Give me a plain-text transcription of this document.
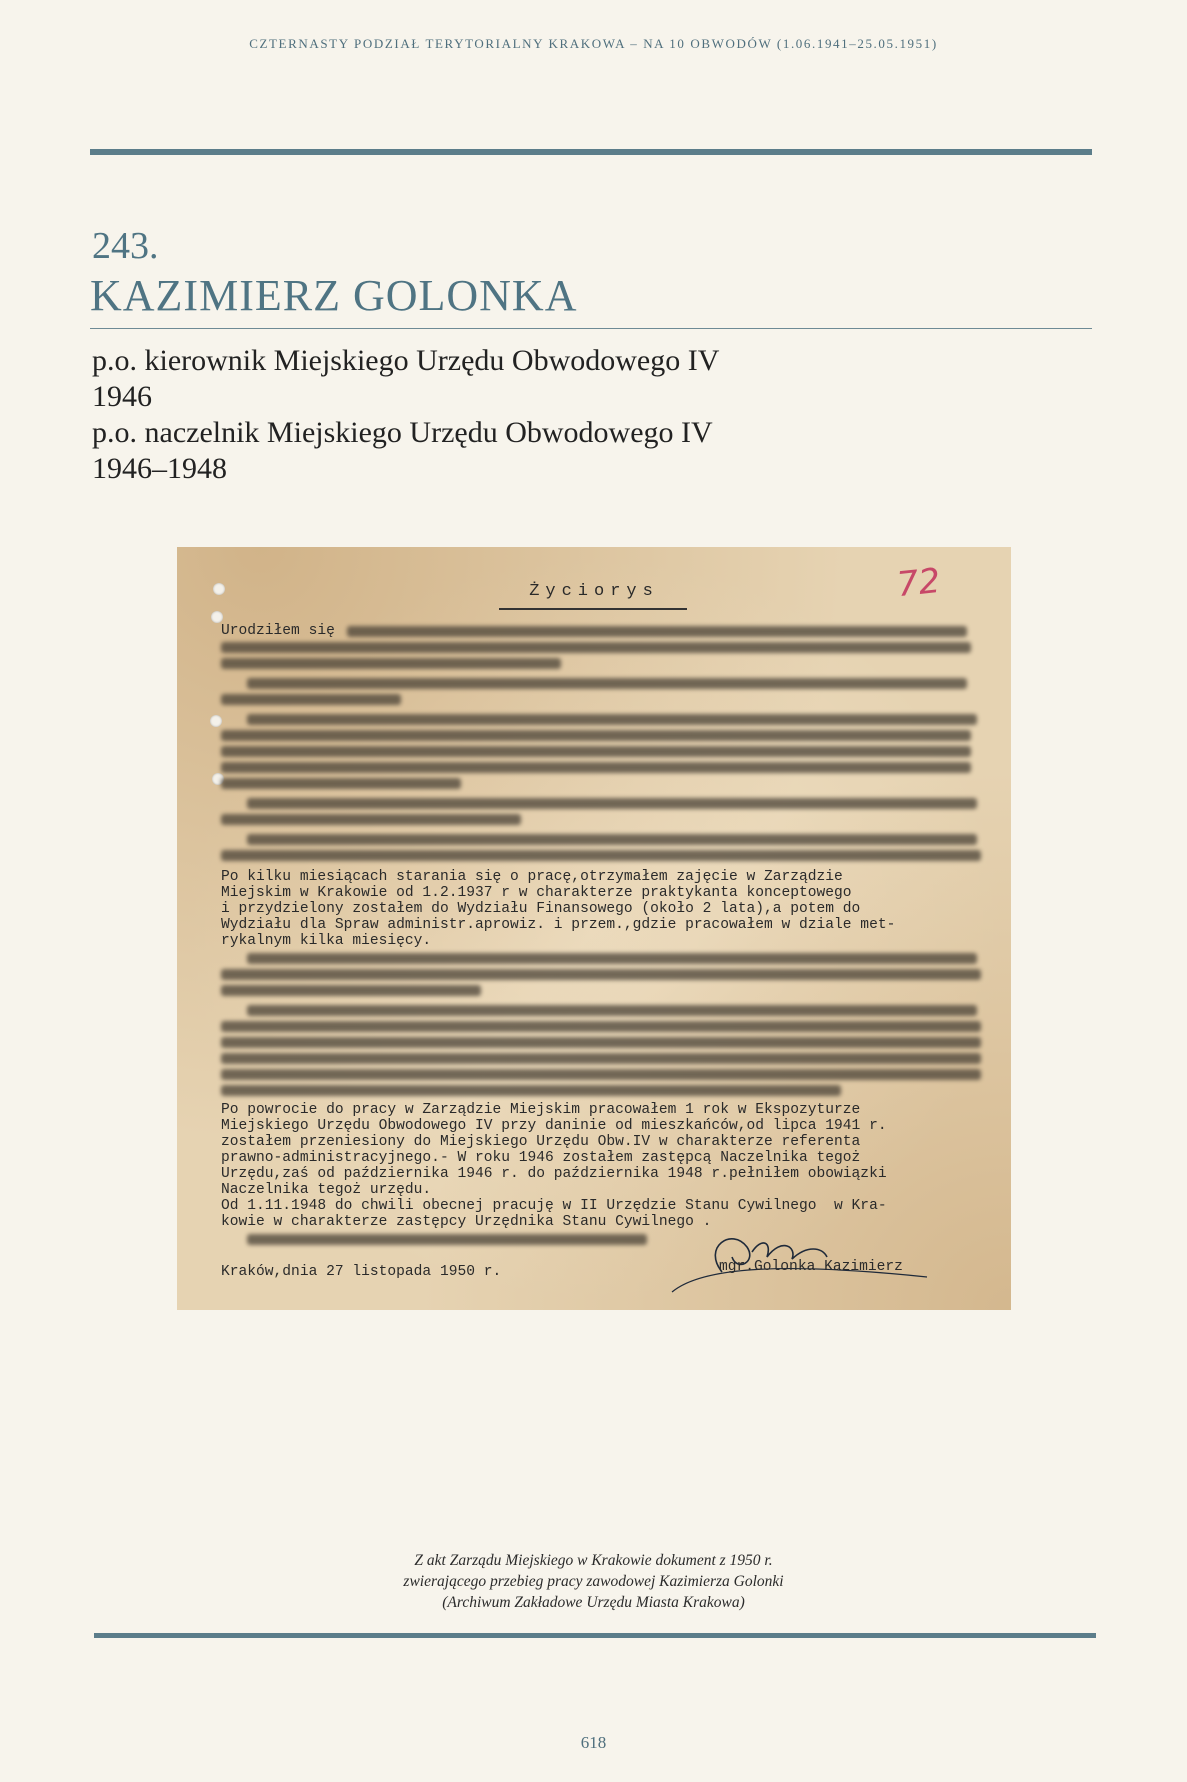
CZTERNASTY PODZIAŁ TERYTORIALNY KRAKOWA – NA 10 OBWODÓW (1.06.1941–25.05.1951)
243.
KAZIMIERZ GOLONKA
p.o. kierownik Miejskiego Urzędu Obwodowego IV
1946
p.o. naczelnik Miejskiego Urzędu Obwodowego IV
1946–1948
72
Życiorys
Urodziłem się
Po kilku miesiącach starania się o pracę,otrzymałem zajęcie w Zarządzie
Miejskim w Krakowie od 1.2.1937 r w charakterze praktykanta konceptowego
i przydzielony zostałem do Wydziału Finansowego (około 2 lata),a potem do
Wydziału dla Spraw administr.aprowiz. i przem.,gdzie pracowałem w dziale met-
rykalnym kilka miesięcy.
Po powrocie do pracy w Zarządzie Miejskim pracowałem 1 rok w Ekspozyturze
Miejskiego Urzędu Obwodowego IV przy daninie od mieszkańców,od lipca 1941 r.
zostałem przeniesiony do Miejskiego Urzędu Obw.IV w charakterze referenta
prawno-administracyjnego.- W roku 1946 zostałem zastępcą Naczelnika tegoż
Urzędu,zaś od października 1946 r. do października 1948 r.pełniłem obowiązki
Naczelnika tegoż urzędu.
Od 1.11.1948 do chwili obecnej pracuję w II Urzędzie Stanu Cywilnego  w Kra-
kowie w charakterze zastępcy Urzędnika Stanu Cywilnego .
Kraków,dnia 27 listopada 1950 r.	mgr.Golonka Kazimierz
Z akt Zarządu Miejskiego w Krakowie dokument z 1950 r.
zwierającego przebieg pracy zawodowej Kazimierza Golonki
(Archiwum Zakładowe Urzędu Miasta Krakowa)
618
